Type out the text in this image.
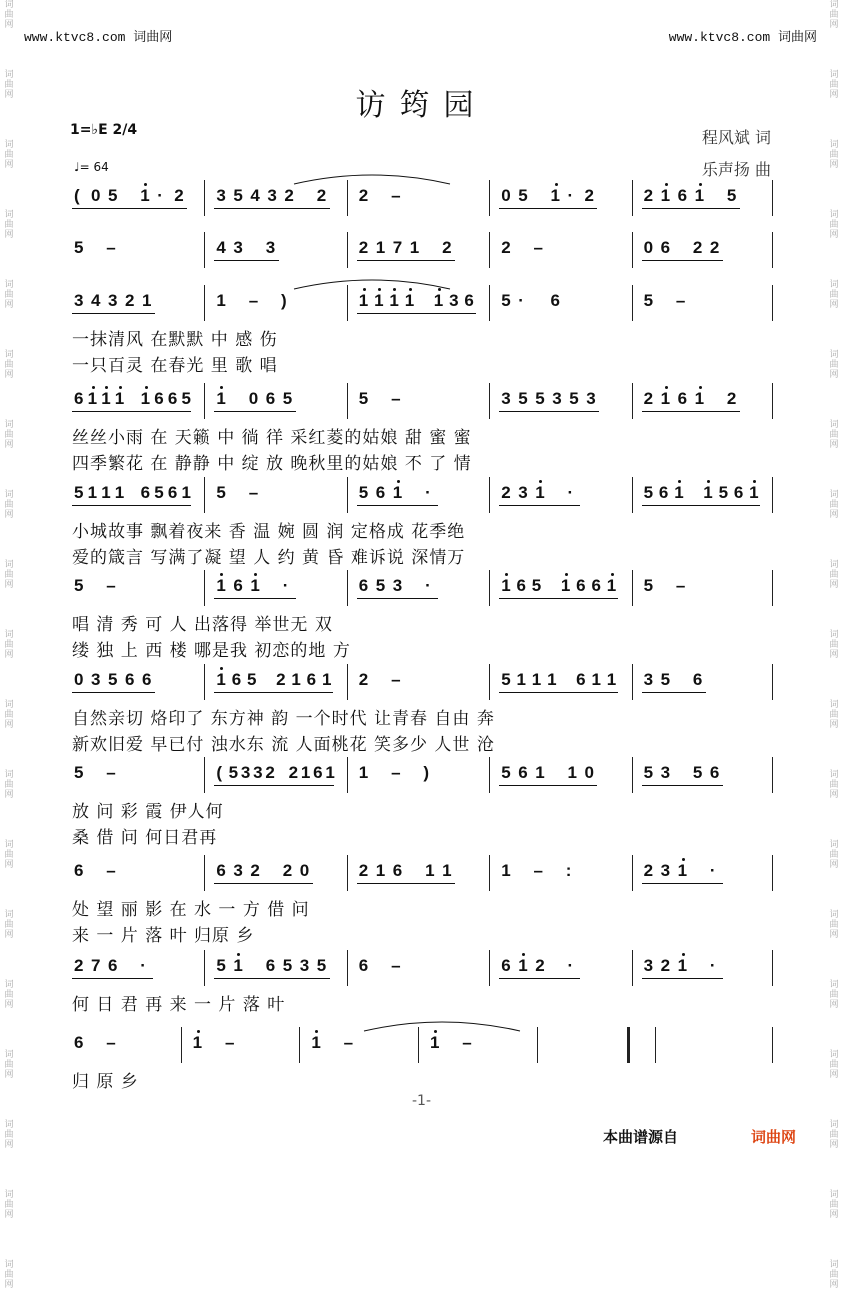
词
曲
网
词
曲
网
词
曲
网
词
曲
网
词
曲
网
词
曲
网
词
曲
网
词
曲
网
词
曲
网
词
曲
网
词
曲
网
词
曲
网
词
曲
网
词
曲
网
词
曲
网
词
曲
网
词
曲
网
词
曲
网
词
曲
网
词
曲
网
词
曲
网
词
曲
网
词
曲
网
词
曲
网
词
曲
网
词
曲
网
词
曲
网
词
曲
网
词
曲
网
词
曲
网
词
曲
网
词
曲
网
词
曲
网
词
曲
网
词
曲
网
词
曲
网
词
曲
网
词
曲
网
www.ktvc8.com 词曲网	www.ktvc8.com 词曲网
访筠园
1=♭E 2/4
♩= 64
程风斌 词
乐声扬 曲
( 0 5 1 · 2 3 5 4 3 2 2 2 –	0 5 1 · 2	2 1 6 1 5
5 –	4 3 3	2 1 7 1 2	2 –	0 6 2 2
3 4 3 2 1	1 – )	1 1 1 1 1 3 6 5 · 6	5 –
一抹清风 在默默 中 感 伤
一只百灵 在春光 里 歌 唱
6 1 1 1 1 6 6 5 1 0 6 5	5 –	3 5 5 3 5 3	2 1 6 1 2
丝丝小雨 在 天籁 中 徜 徉 采红菱的姑娘 甜 蜜 蜜
四季繁花 在 静静 中 绽 放 晚秋里的姑娘 不 了 情
5 1 1 1 6 5 6 1 5 –	5 6 1 ·	2 3 1 ·	5 6 1 1 5 6 1
小城故事 飘着夜来 香 温 婉 圆 润 定格成 花季绝
爱的箴言 写满了凝 望 人 约 黄 昏 难诉说 深情万
5 –	1 6 1 ·	6 5 3 ·	1 6 5 1 6 6 1 5 –
唱 清 秀 可 人 出落得 举世无 双
缕 独 上 西 楼 哪是我 初恋的地 方
0 3 5 6 6	1 6 5 2 1 6 1 2 –	5 1 1 1 6 1 1 3 5 6
自然亲切 烙印了 东方神 韵 一个时代 让青春 自由 奔
新欢旧爱 早已付 浊水东 流 人面桃花 笑多少 人世 沧
5 –	( 5 3 3 2 2 1 6 1 1 – )	5 6 1 1 0	5 3 5 6
放 问 彩 霞 伊人何
桑 借 问 何日君再
6 –	6 3 2 2 0	2 1 6 1 1	1 – :	2 3 1 ·
处 望 丽 影 在 水 一 方 借 问
来 一 片 落 叶 归原 乡
2 7 6 ·	5 1 6 5 3 5 6 –	6 1 2 ·	3 2 1 ·
何 日 君 再 来 一 片 落 叶
6 –	1 –	1 –	1 –
归 原 乡
-1-
本曲谱源自	词曲网
